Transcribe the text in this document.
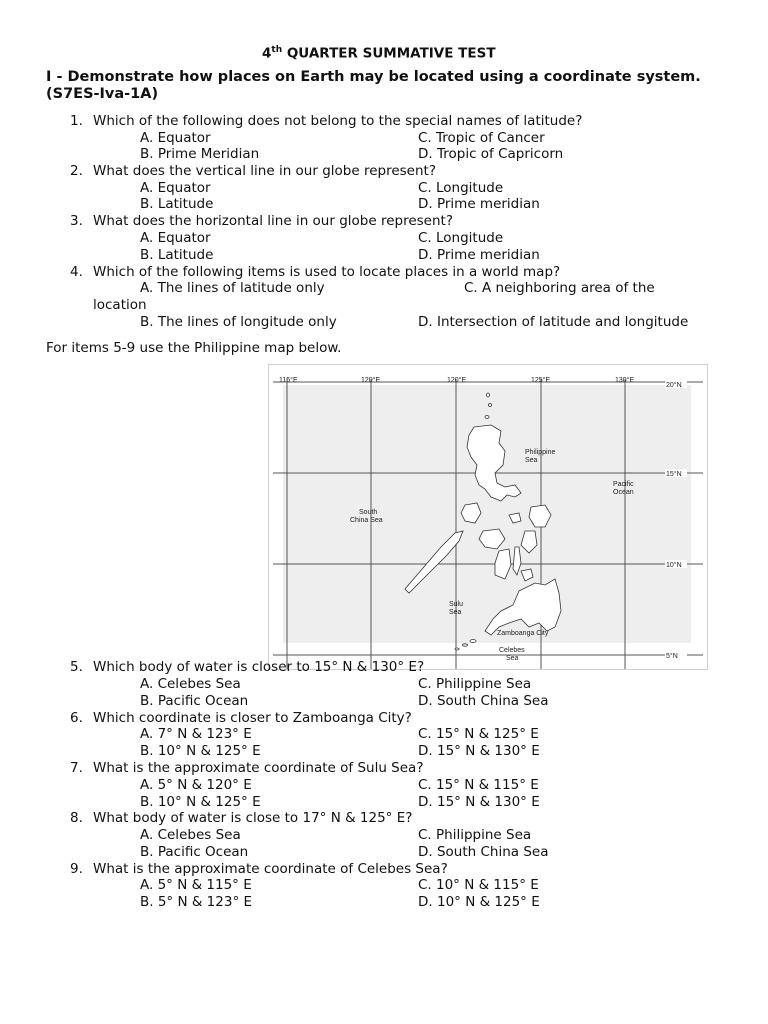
4th QUARTER SUMMATIVE TEST
I - Demonstrate how places on Earth may be located using a coordinate system.
(S7ES-Iva-1A)
1. Which of the following does not belong to the special names of latitude?
A. Equator	C. Tropic of Cancer
B. Prime Meridian	D. Tropic of Capricorn
2. What does the vertical line in our globe represent?
A. Equator	C. Longitude
B. Latitude	D. Prime meridian
3. What does the horizontal line in our globe represent?
A. Equator	C. Longitude
B. Latitude	D. Prime meridian
4. Which of the following items is used to locate places in a world map?
A. The lines of latitude only	C. A neighboring area of the
location
B. The lines of longitude only	D. Intersection of latitude and longitude
For items 5-9 use the Philippine map below.
115°E	120°E	120°E	125°E	130°E
20°N
15°N
10°N
5°N
Philippine
Sea
Pacific
Ocean
South
China Sea
Sulu
Sea
Zamboanga City
Celebes
Sea
5. Which body of water is closer to 15° N & 130° E?
A. Celebes Sea	C. Philippine Sea
B. Pacific Ocean	D. South China Sea
6. Which coordinate is closer to Zamboanga City?
A. 7° N & 123° E	C. 15° N & 125° E
B. 10° N & 125° E	D. 15° N & 130° E
7. What is the approximate coordinate of Sulu Sea?
A. 5° N & 120° E	C. 15° N & 115° E
B. 10° N & 125° E	D. 15° N & 130° E
8. What body of water is close to 17° N & 125° E?
A. Celebes Sea	C. Philippine Sea
B. Pacific Ocean	D. South China Sea
9. What is the approximate coordinate of Celebes Sea?
A. 5° N & 115° E	C. 10° N & 115° E
B. 5° N & 123° E	D. 10° N & 125° E
